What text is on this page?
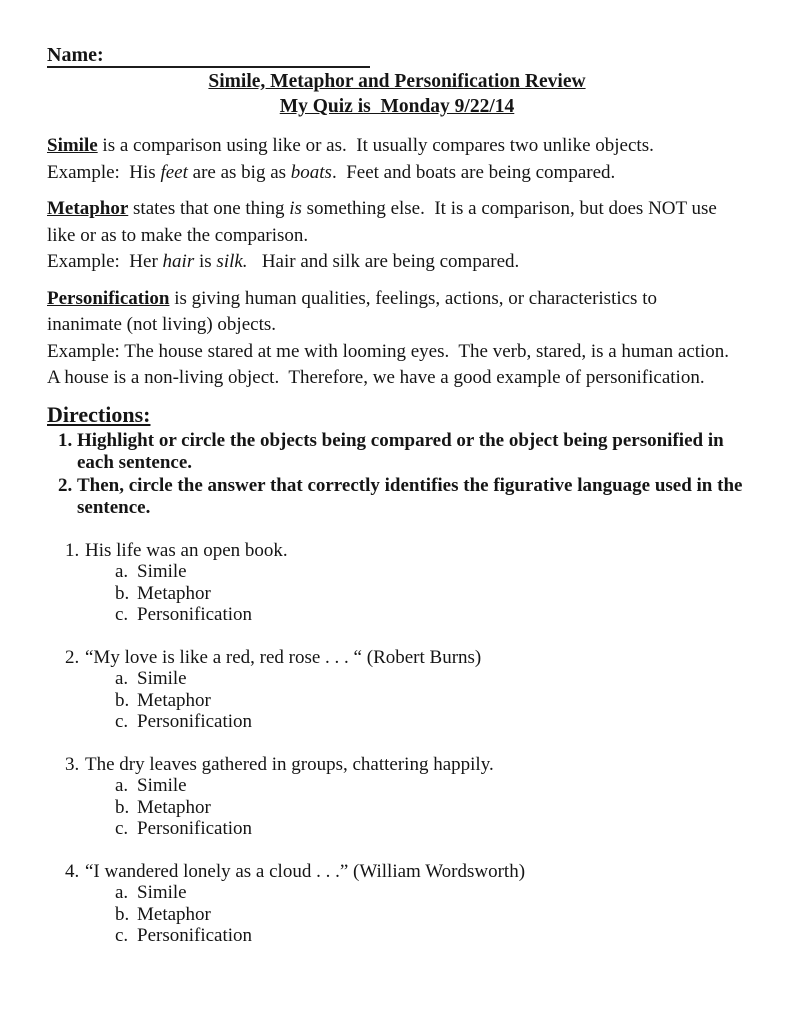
Name:
Simile, Metaphor and Personification Review
My Quiz is  Monday 9/22/14
Simile is a comparison using like or as.  It usually compares two unlike objects.
Example:  His feet are as big as boats.  Feet and boats are being compared.
Metaphor states that one thing is something else.  It is a comparison, but does NOT use
like or as to make the comparison.
Example:  Her hair is silk.   Hair and silk are being compared.
Personification is giving human qualities, feelings, actions, or characteristics to
inanimate (not living) objects.
Example: The house stared at me with looming eyes.  The verb, stared, is a human action.
A house is a non-living object.  Therefore, we have a good example of personification.
Directions:
1. Highlight or circle the objects being compared or the object being personified in
each sentence.
2. Then, circle the answer that correctly identifies the figurative language used in the
sentence.
1. His life was an open book.
a. Simile
b. Metaphor
c. Personification
2. “My love is like a red, red rose . . . “ (Robert Burns)
a. Simile
b. Metaphor
c. Personification
3. The dry leaves gathered in groups, chattering happily.
a. Simile
b. Metaphor
c. Personification
4. “I wandered lonely as a cloud . . .” (William Wordsworth)
a. Simile
b. Metaphor
c. Personification
